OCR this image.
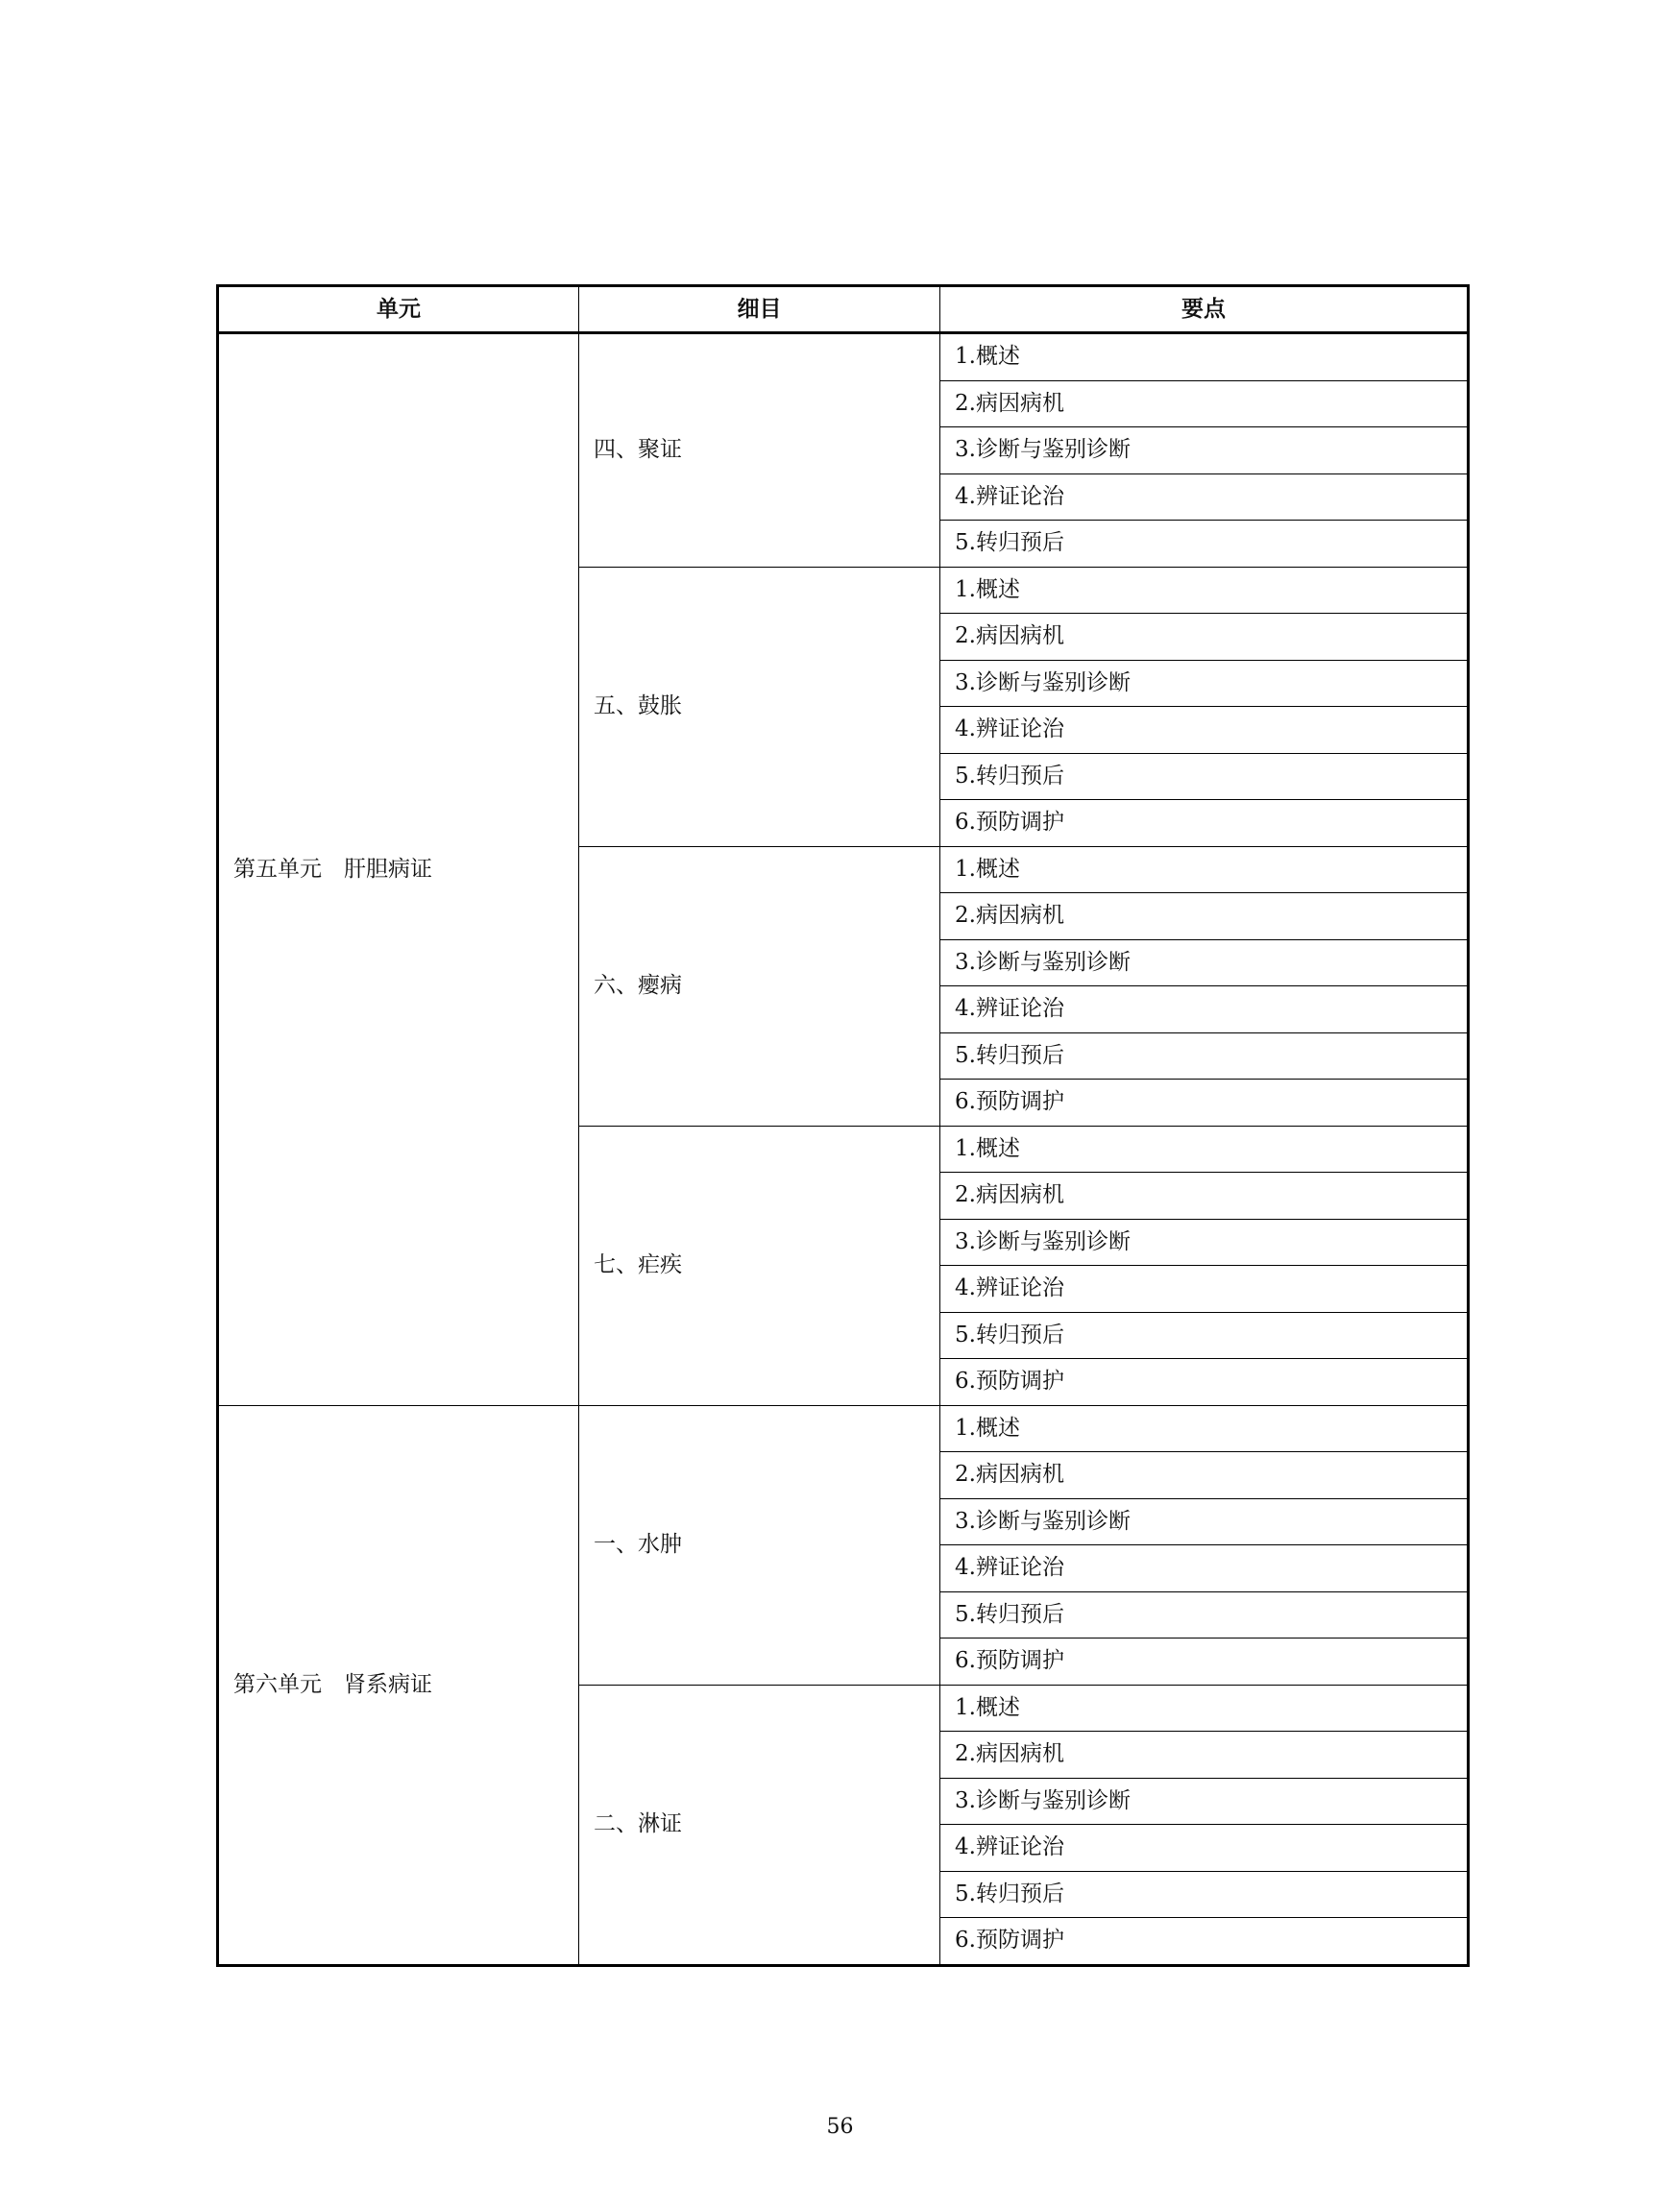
单元	细目	要点
第五单元　肝胆病证	四、聚证	1.概述
		2.病因病机
		3.诊断与鉴别诊断
		4.辨证论治
		5.转归预后
	五、鼓胀	1.概述
		2.病因病机
		3.诊断与鉴别诊断
		4.辨证论治
		5.转归预后
		6.预防调护
	六、瘿病	1.概述
		2.病因病机
		3.诊断与鉴别诊断
		4.辨证论治
		5.转归预后
		6.预防调护
	七、疟疾	1.概述
		2.病因病机
		3.诊断与鉴别诊断
		4.辨证论治
		5.转归预后
		6.预防调护
第六单元　肾系病证	一、水肿	1.概述
		2.病因病机
		3.诊断与鉴别诊断
		4.辨证论治
		5.转归预后
		6.预防调护
	二、淋证	1.概述
		2.病因病机
		3.诊断与鉴别诊断
		4.辨证论治
		5.转归预后
		6.预防调护
56
